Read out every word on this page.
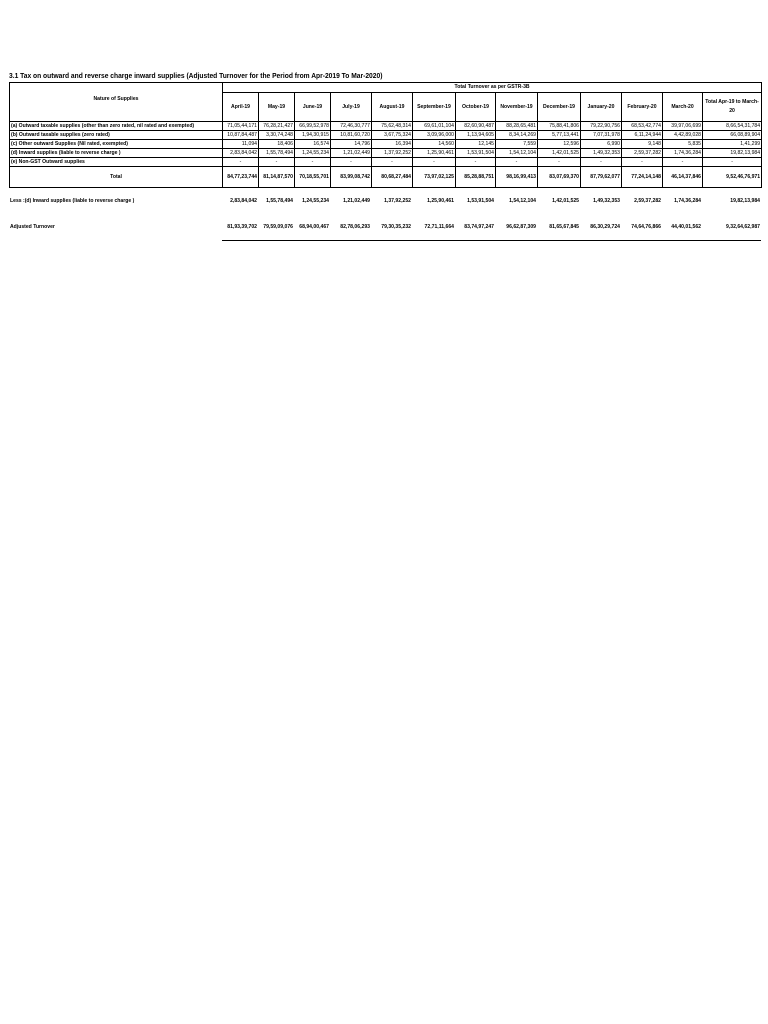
3.1 Tax on outward and reverse charge inward supplies (Adjusted Turnover for the Period from Apr-2019 To Mar-2020)
Nature of Supplies	Total Turnover as per GSTR-3B												
	April-19	May-19	June-19	July-19	August-19	September-19	October-19	November-19	December-19	January-20	February-20	March-20	Total Apr-19 to March-20
(a) Outward taxable supplies (other than zero rated, nil rated and exempted)	71,05,44,171	76,28,21,427	66,99,52,978	72,46,30,777	75,62,48,314	69,61,01,104	82,60,90,487	88,28,65,481	75,88,41,806	79,22,90,756	68,53,42,774	39,97,06,699	8,66,54,31,784
(b) Outward taxable supplies (zero rated)	10,87,84,487	3,30,74,248	1,94,30,915	10,81,60,720	3,67,75,324	3,09,96,000	1,13,94,605	8,34,14,269	5,77,13,441	7,07,31,978	6,11,24,944	4,42,89,028	66,08,89,904
(c) Other outward Supplies (Nil rated, exempted)	11,094	18,406	16,574	14,796	16,394	14,560	12,145	7,559	12,596	6,990	9,148	5,835	1,41,299
(d) Inward supplies (liable to reverse charge )	2,83,84,042	1,55,78,494	1,24,55,234	1,21,02,449	1,37,92,252	1,25,90,461	1,53,91,504	1,54,12,104	1,42,01,525	1,49,32,353	2,59,37,282	1,74,36,284	19,82,13,984
(e) Non-GST Outward supplies	-	-	-	-	-	-	-	-	-	-	-	-	-
Total	84,77,23,744	81,14,87,570	70,18,55,701	83,99,08,742	80,68,27,484	73,97,02,125	85,28,88,751	98,16,99,413	83,07,69,370	87,79,62,077	77,24,14,148	46,14,37,846	9,52,46,76,971
Less :(d) Inward supplies (liable to reverse charge )	2,83,84,042	1,55,78,494	1,24,55,234	1,21,02,449	1,37,92,252	1,25,90,461	1,53,91,504	1,54,12,104	1,42,01,525	1,49,32,353	2,59,37,282	1,74,36,284	19,82,13,984
Adjusted Turnover	81,93,39,702	79,59,09,076	68,94,00,467	82,78,06,293	79,30,35,232	72,71,11,664	83,74,97,247	96,62,87,309	81,65,67,845	86,30,29,724	74,64,76,866	44,40,01,562	9,32,64,62,987
